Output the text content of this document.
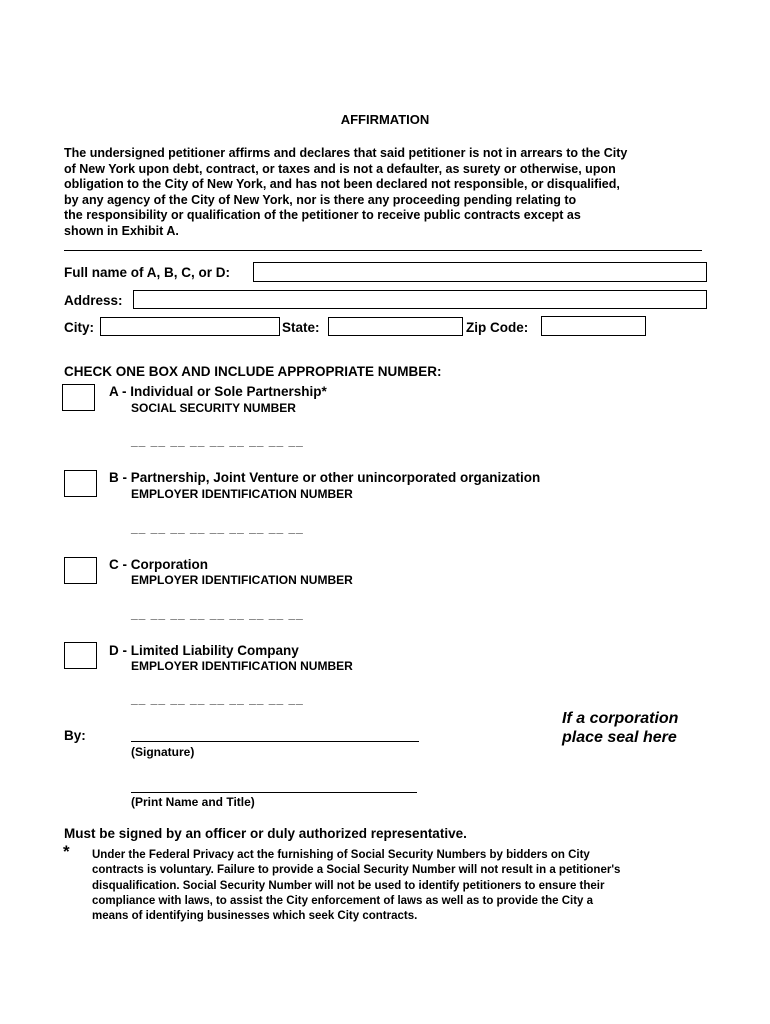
AFFIRMATION
The undersigned petitioner affirms and declares that said petitioner is not in arrears to the City
of New York upon debt, contract, or taxes and is not a defaulter, as surety or otherwise, upon
obligation to the City of New York, and has not been declared not responsible, or disqualified,
by any agency of the City of New York, nor is there any proceeding pending relating to
the responsibility or qualification of the petitioner to receive public contracts except as
shown in Exhibit A.
Full name of A, B, C, or D:
Address:
City:	State:	Zip Code:
CHECK ONE BOX AND INCLUDE APPROPRIATE NUMBER:
A - Individual or Sole Partnership*
SOCIAL SECURITY NUMBER
__ __ __ __ __ __ __ __ __
B - Partnership, Joint Venture or other unincorporated organization
EMPLOYER IDENTIFICATION NUMBER
__ __ __ __ __ __ __ __ __
C - Corporation
EMPLOYER IDENTIFICATION NUMBER
__ __ __ __ __ __ __ __ __
D - Limited Liability Company
EMPLOYER IDENTIFICATION NUMBER
__ __ __ __ __ __ __ __ __
By:
(Signature)
(Print Name and Title)
If a corporation
place seal here
Must be signed by an officer or duly authorized representative.
* Under the Federal Privacy act the furnishing of Social Security Numbers by bidders on City
contracts is voluntary. Failure to provide a Social Security Number will not result in a petitioner's
disqualification. Social Security Number will not be used to identify petitioners to ensure their
compliance with laws, to assist the City enforcement of laws as well as to provide the City a
means of identifying businesses which seek City contracts.
